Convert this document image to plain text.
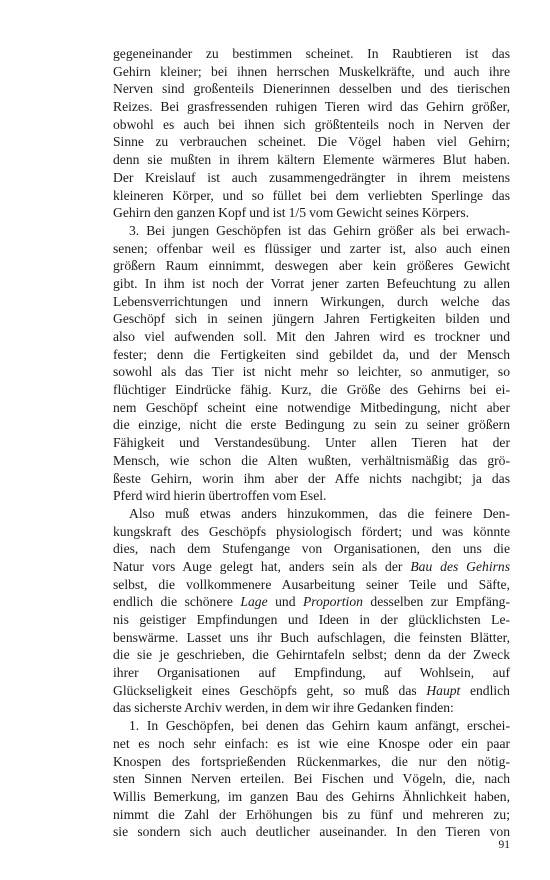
gegeneinander zu bestimmen scheinet. In Raubtieren ist das
Gehirn kleiner; bei ihnen herrschen Muskelkräfte, und auch ihre
Nerven sind großenteils Dienerinnen desselben und des tierischen
Reizes. Bei grasfressenden ruhigen Tieren wird das Gehirn größer,
obwohl es auch bei ihnen sich größtenteils noch in Nerven der
Sinne zu verbrauchen scheinet. Die Vögel haben viel Gehirn;
denn sie mußten in ihrem kältern Elemente wärmeres Blut haben.
Der Kreislauf ist auch zusammengedrängter in ihrem meistens
kleineren Körper, und so füllet bei dem verliebten Sperlinge das
Gehirn den ganzen Kopf und ist 1/5 vom Gewicht seines Körpers.
3. Bei jungen Geschöpfen ist das Gehirn größer als bei erwach-
senen; offenbar weil es flüssiger und zarter ist, also auch einen
größern Raum einnimmt, deswegen aber kein größeres Gewicht
gibt. In ihm ist noch der Vorrat jener zarten Befeuchtung zu allen
Lebensverrichtungen und innern Wirkungen, durch welche das
Geschöpf sich in seinen jüngern Jahren Fertigkeiten bilden und
also viel aufwenden soll. Mit den Jahren wird es trockner und
fester; denn die Fertigkeiten sind gebildet da, und der Mensch
sowohl als das Tier ist nicht mehr so leichter, so anmutiger, so
flüchtiger Eindrücke fähig. Kurz, die Größe des Gehirns bei ei-
nem Geschöpf scheint eine notwendige Mitbedingung, nicht aber
die einzige, nicht die erste Bedingung zu sein zu seiner größern
Fähigkeit und Verstandesübung. Unter allen Tieren hat der
Mensch, wie schon die Alten wußten, verhältnismäßig das grö-
ßeste Gehirn, worin ihm aber der Affe nichts nachgibt; ja das
Pferd wird hierin übertroffen vom Esel.
Also muß etwas anders hinzukommen, das die feinere Den-
kungskraft des Geschöpfs physiologisch fördert; und was könnte
dies, nach dem Stufengange von Organisationen, den uns die
Natur vors Auge gelegt hat, anders sein als der Bau des Gehirns
selbst, die vollkommenere Ausarbeitung seiner Teile und Säfte,
endlich die schönere Lage und Proportion desselben zur Empfäng-
nis geistiger Empfindungen und Ideen in der glücklichsten Le-
benswärme. Lasset uns ihr Buch aufschlagen, die feinsten Blätter,
die sie je geschrieben, die Gehirntafeln selbst; denn da der Zweck
ihrer Organisationen auf Empfindung, auf Wohlsein, auf
Glückseligkeit eines Geschöpfs geht, so muß das Haupt endlich
das sicherste Archiv werden, in dem wir ihre Gedanken finden:
1. In Geschöpfen, bei denen das Gehirn kaum anfängt, erschei-
net es noch sehr einfach: es ist wie eine Knospe oder ein paar
Knospen des fortsprießenden Rückenmarkes, die nur den nötig-
sten Sinnen Nerven erteilen. Bei Fischen und Vögeln, die, nach
Willis Bemerkung, im ganzen Bau des Gehirns Ähnlichkeit haben,
nimmt die Zahl der Erhöhungen bis zu fünf und mehreren zu;
sie sondern sich auch deutlicher auseinander. In den Tieren von
91
